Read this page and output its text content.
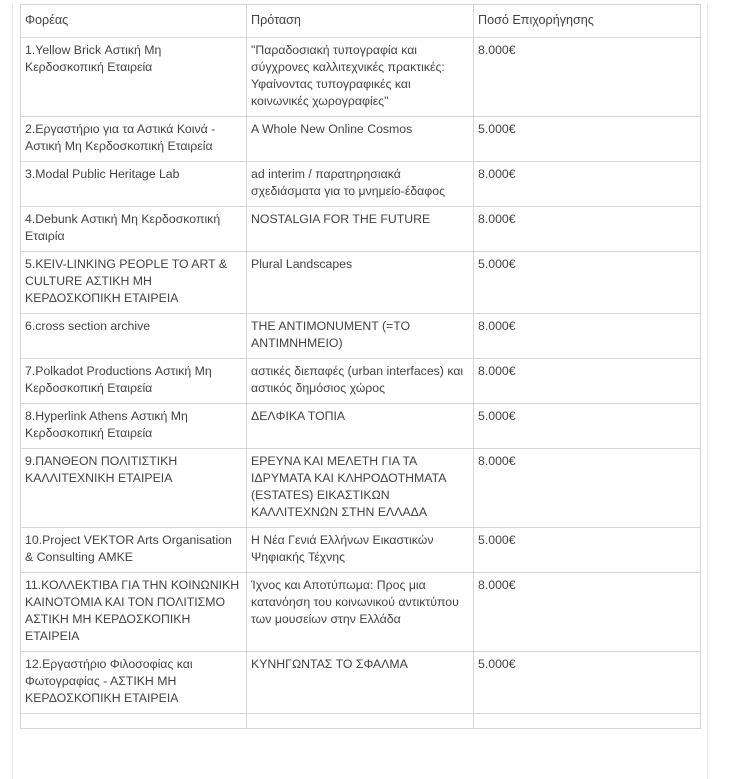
Φορέας	Πρόταση	Ποσό Επιχορήγησης
1.Yellow Brick Αστική Μη Κερδοσκοπική Εταιρεία	"Παραδοσιακή τυπογραφία και σύγχρονες καλλιτεχνικές πρακτικές: Υφαίνοντας τυπογραφικές και κοινωνικές χωρογραφίες"	8.000€
2.Εργαστήριο για τα Αστικά Κοινά - Αστική Μη Κερδοσκοπική Εταιρεία	A Whole New Online Cosmos	5.000€
3.Modal Public Heritage Lab	ad interim / παρατηρησιακά σχεδιάσματα για το μνημείο-έδαφος	8.000€
4.Debunk Αστική Μη Κερδοσκοπική Εταιρία	NOSTALGIA FOR THE FUTURE	8.000€
5.KEIV-LINKING PEOPLE TO ART & CULTURE ΑΣΤΙΚΗ ΜΗ ΚΕΡΔΟΣΚΟΠΙΚΗ ΕΤΑΙΡΕΙΑ	Plural Landscapes	5.000€
6.cross section archive	THE ANTIMONUMENT (=ΤΟ ΑΝΤΙΜΝΗΜΕΙΟ)	8.000€
7.Polkadot Productions Αστική Μη Κερδοσκοπική Εταιρεία	αστικές διεπαφές (urban interfaces) και αστικός δημόσιος χώρος	8.000€
8.Hyperlink Athens Αστική Μη Κερδοσκοπική Εταιρεία	ΔΕΛΦΙΚΑ ΤΟΠΙΑ	5.000€
9.ΠΑΝΘΕΟΝ ΠΟΛΙΤΙΣΤΙΚΗ ΚΑΛΛΙΤΕΧΝΙΚΗ ΕΤΑΙΡΕΙΑ	ΕΡΕΥΝΑ ΚΑΙ ΜΕΛΕΤΗ ΓΙΑ ΤΑ ΙΔΡΥΜΑΤΑ ΚΑΙ ΚΛΗΡΟΔΟΤΗΜΑΤΑ (ESTATES) ΕΙΚΑΣΤΙΚΩΝ ΚΑΛΛΙΤΕΧΝΩΝ ΣΤΗΝ ΕΛΛΑΔΑ	8.000€
10.Project VEKTOR Arts Organisation & Consulting ΑΜΚΕ	Η Νέα Γενιά Ελλήνων Εικαστικών Ψηφιακής Τέχνης	5.000€
11.ΚΟΛΛΕΚΤΙΒΑ ΓΙΑ ΤΗΝ ΚΟΙΝΩΝΙΚΗ ΚΑΙΝΟΤΟΜΙΑ ΚΑΙ ΤΟΝ ΠΟΛΙΤΙΣΜΟ ΑΣΤΙΚΗ ΜΗ ΚΕΡΔΟΣΚΟΠΙΚΗ ΕΤΑΙΡΕΙΑ	Ίχνος και Αποτύπωμα: Προς μια κατανόηση του κοινωνικού αντικτύπου των μουσείων στην Ελλάδα	8.000€
12.Εργαστήριο Φιλοσοφίας και Φωτογραφίας - ΑΣΤΙΚΗ ΜΗ ΚΕΡΔΟΣΚΟΠΙΚΗ ΕΤΑΙΡΕΙΑ	ΚΥΝΗΓΩΝΤΑΣ ΤΟ ΣΦΑΛΜΑ	5.000€
